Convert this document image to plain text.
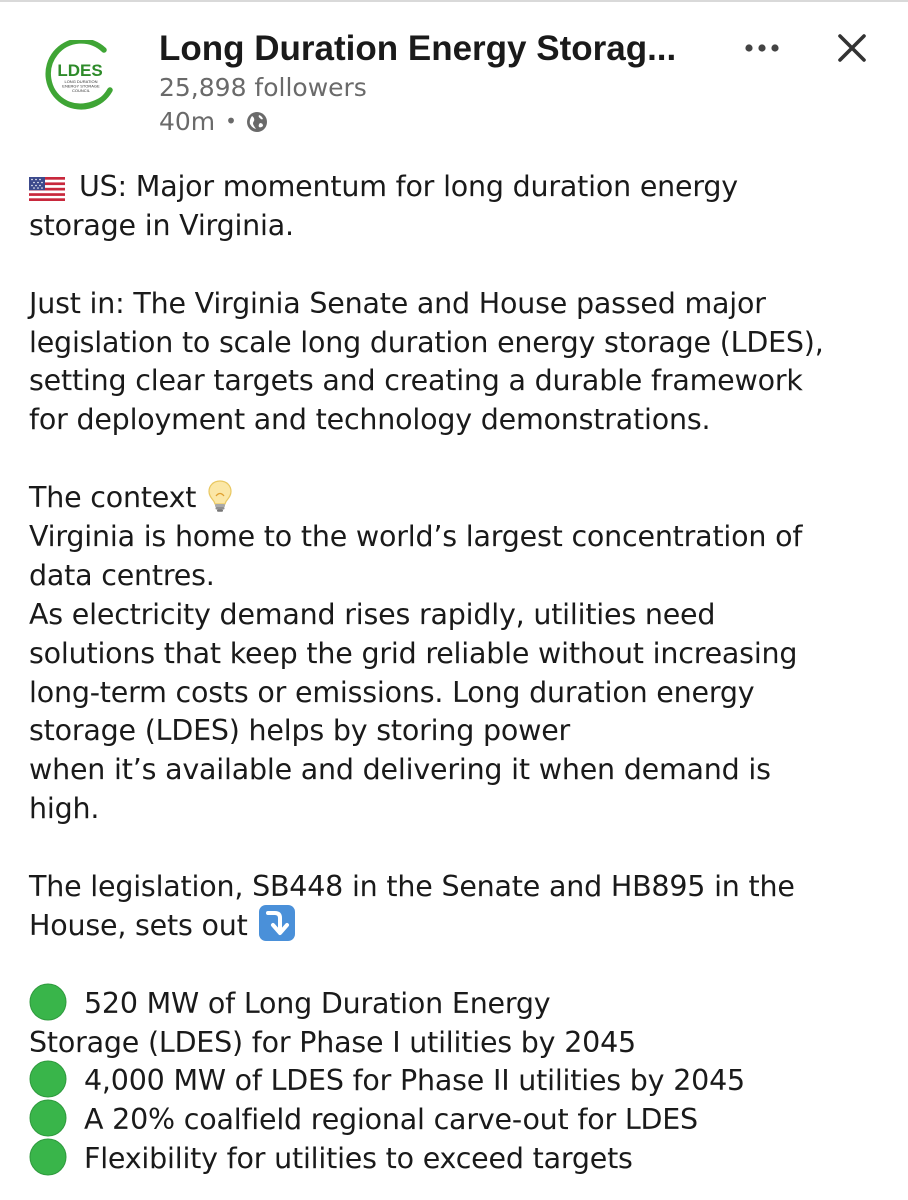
LDES
LONG DURATION
ENERGY STORAGE
COUNCIL
Long Duration Energy Storag...
25,898 followers
40m •
US: Major momentum for long duration energy
storage in Virginia.
Just in: The Virginia Senate and House passed major
legislation to scale long duration energy storage (LDES),
setting clear targets and creating a durable framework
for deployment and technology demonstrations.
The context
Virginia is home to the world’s largest concentration of
data centres.
As electricity demand rises rapidly, utilities need
solutions that keep the grid reliable without increasing
long-term costs or emissions. Long duration energy
storage (LDES) helps by storing power
when it’s available and delivering it when demand is
high.
The legislation, SB448 in the Senate and HB895 in the
House, sets out
520 MW of Long Duration Energy
Storage (LDES) for Phase I utilities by 2045
4,000 MW of LDES for Phase II utilities by 2045
A 20% coalfield regional carve-out for LDES
Flexibility for utilities to exceed targets
